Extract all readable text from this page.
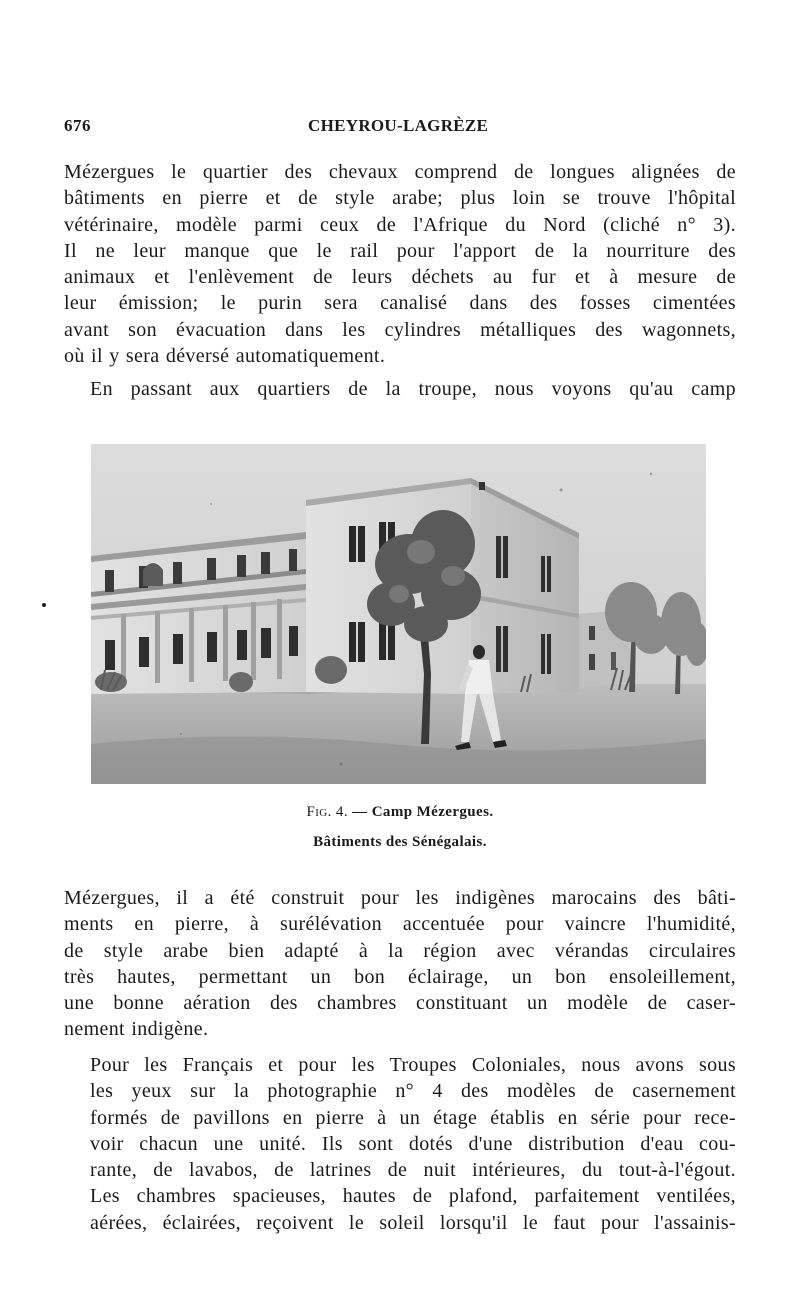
676	CHEYROU-LAGRÈZE

Mézergues le quartier des chevaux comprend de longues alignées de
bâtiments en pierre et de style arabe; plus loin se trouve l'hôpital
vétérinaire, modèle parmi ceux de l'Afrique du Nord (cliché n° 3).
Il ne leur manque que le rail pour l'apport de la nourriture des
animaux et l'enlèvement de leurs déchets au fur et à mesure de
leur émission; le purin sera canalisé dans des fosses cimentées
avant son évacuation dans les cylindres métalliques des wagonnets,
où il y sera déversé automatiquement.

En passant aux quartiers de la troupe, nous voyons qu'au camp

Fig. 4. — Camp Mézergues.
Bâtiments des Sénégalais.

Mézergues, il a été construit pour les indigènes marocains des bâti-
ments en pierre, à surélévation accentuée pour vaincre l'humidité,
de style arabe bien adapté à la région avec vérandas circulaires
très hautes, permettant un bon éclairage, un bon ensoleillement,
une bonne aération des chambres constituant un modèle de caser-
nement indigène.

Pour les Français et pour les Troupes Coloniales, nous avons sous
les yeux sur la photographie n° 4 des modèles de casernement
formés de pavillons en pierre à un étage établis en série pour rece-
voir chacun une unité. Ils sont dotés d'une distribution d'eau cou-
rante, de lavabos, de latrines de nuit intérieures, du tout-à-l'égout.
Les chambres spacieuses, hautes de plafond, parfaitement ventilées,
aérées, éclairées, reçoivent le soleil lorsqu'il le faut pour l'assainis-
